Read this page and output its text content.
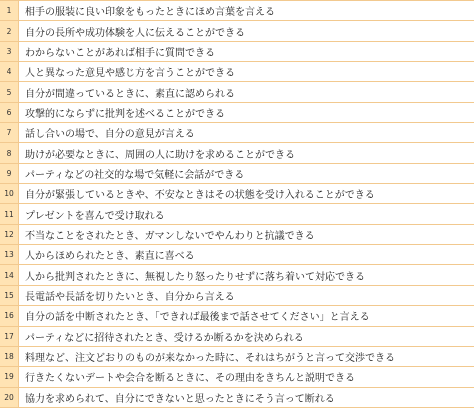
1	相手の服装に良い印象をもったときにほめ言葉を言える
2	自分の長所や成功体験を人に伝えることができる
3	わからないことがあれば相手に質問できる
4	人と異なった意見や感じ方を言うことができる
5	自分が間違っているときに、素直に認められる
6	攻撃的にならずに批判を述べることができる
7	話し合いの場で、自分の意見が言える
8	助けが必要なときに、周囲の人に助けを求めることができる
9	パーティなどの社交的な場で気軽に会話ができる
10	自分が緊張しているときや、不安なときはその状態を受け入れることができる
11	プレゼントを喜んで受け取れる
12	不当なことをされたとき、ガマンしないでやんわりと抗議できる
13	人からほめられたとき、素直に喜べる
14	人から批判されたときに、無視したり怒ったりせずに落ち着いて対応できる
15	長電話や長話を切りたいとき、自分から言える
16	自分の話を中断されたとき、「できれば最後まで話させてください」と言える
17	パーティなどに招待されたとき、受けるか断るかを決められる
18	料理など、注文どおりのものが来なかった時に、それはちがうと言って交渉できる
19	行きたくないデートや会合を断るときに、その理由をきちんと説明できる
20	協力を求められて、自分にできないと思ったときにそう言って断れる
